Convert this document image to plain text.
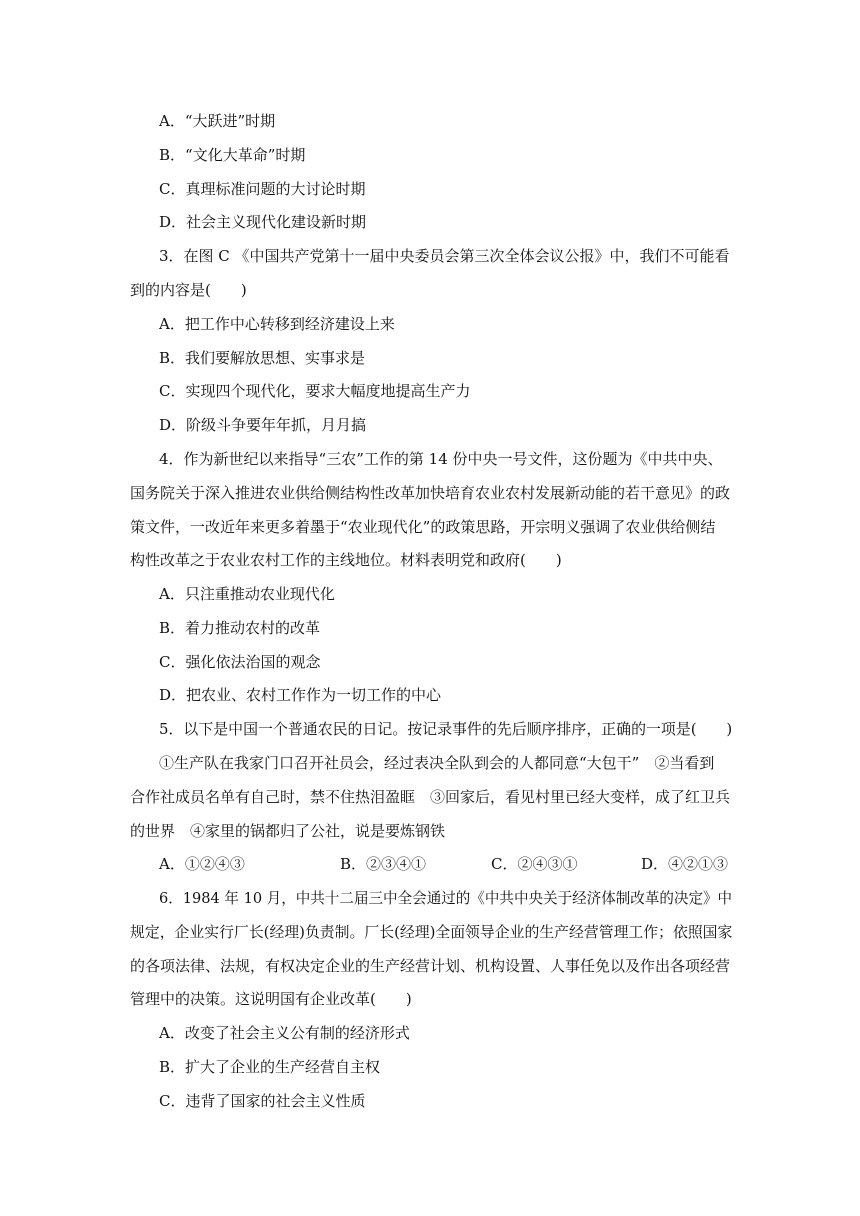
A．“大跃进”时期
B．“文化大革命”时期
C．真理标准问题的大讨论时期
D．社会主义现代化建设新时期
3．在图 C 《中国共产党第十一届中央委员会第三次全体会议公报》中，我们不可能看
到的内容是(　　)
A．把工作中心转移到经济建设上来
B．我们要解放思想、实事求是
C．实现四个现代化，要求大幅度地提高生产力
D．阶级斗争要年年抓，月月搞
4．作为新世纪以来指导“三农”工作的第 14 份中央一号文件，这份题为《中共中央、
国务院关于深入推进农业供给侧结构性改革加快培育农业农村发展新动能的若干意见》的政
策文件，一改近年来更多着墨于“农业现代化”的政策思路，开宗明义强调了农业供给侧结
构性改革之于农业农村工作的主线地位。材料表明党和政府(　　)
A．只注重推动农业现代化
B．着力推动农村的改革
C．强化依法治国的观念
D．把农业、农村工作作为一切工作的中心
5．以下是中国一个普通农民的日记。按记录事件的先后顺序排序，正确的一项是(　　)
①生产队在我家门口召开社员会，经过表决全队到会的人都同意“大包干”　②当看到
合作社成员名单有自己时，禁不住热泪盈眶　③回家后，看见村里已经大变样，成了红卫兵
的世界　④家里的锅都归了公社，说是要炼钢铁
A．①②④③	B．②③④①	C．②④③①	D．④②①③
6．1984 年 10 月，中共十二届三中全会通过的《中共中央关于经济体制改革的决定》中
规定，企业实行厂长(经理)负责制。厂长(经理)全面领导企业的生产经营管理工作；依照国家
的各项法律、法规，有权决定企业的生产经营计划、机构设置、人事任免以及作出各项经营
管理中的决策。这说明国有企业改革(　　)
A．改变了社会主义公有制的经济形式
B．扩大了企业的生产经营自主权
C．违背了国家的社会主义性质
